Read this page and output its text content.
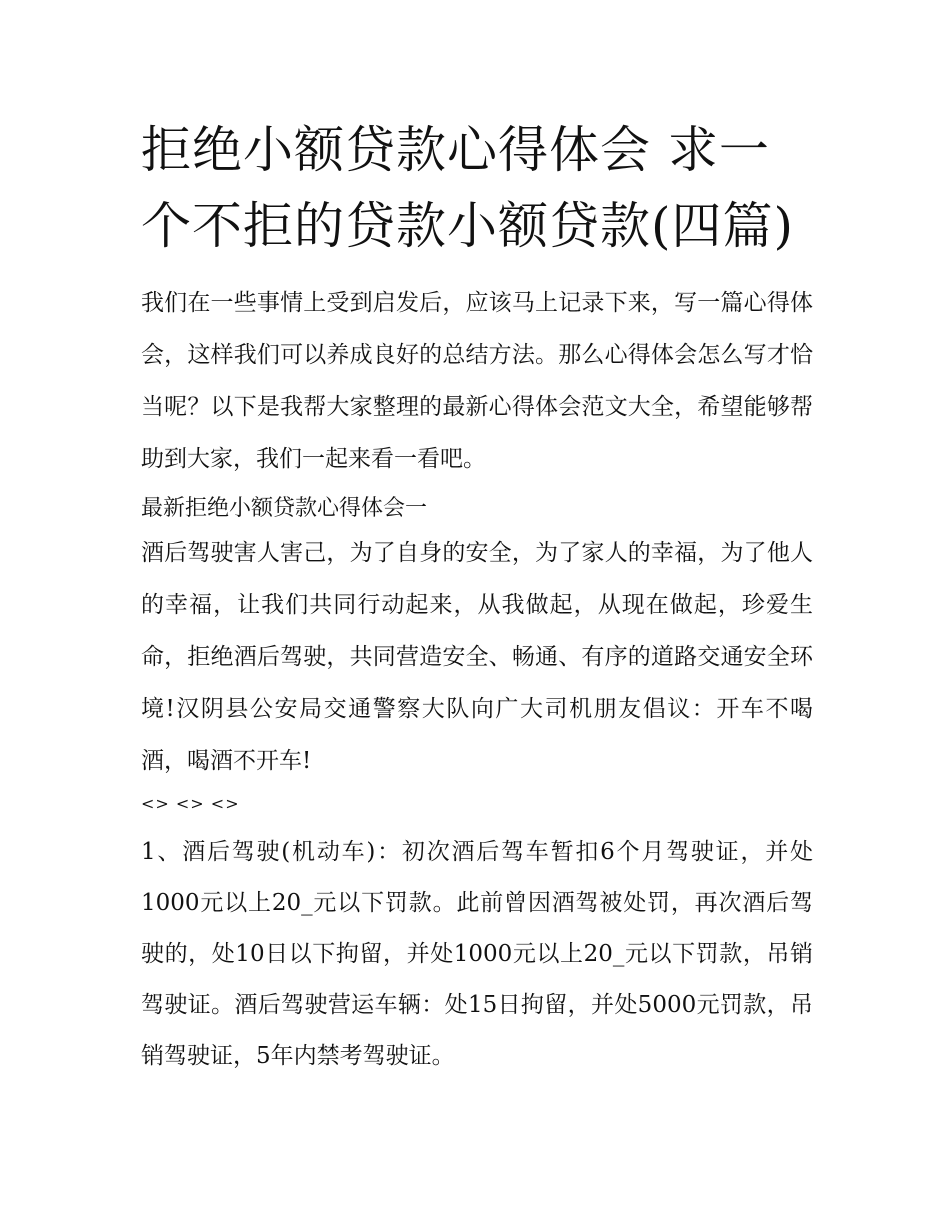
拒绝小额贷款心得体会 求一个不拒的贷款小额贷款(四篇)

我们在一些事情上受到启发后，应该马上记录下来，写一篇心得体会，这样我们可以养成良好的总结方法。那么心得体会怎么写才恰当呢？以下是我帮大家整理的最新心得体会范文大全，希望能够帮助到大家，我们一起来看一看吧。

最新拒绝小额贷款心得体会一

酒后驾驶害人害己，为了自身的安全，为了家人的幸福，为了他人的幸福，让我们共同行动起来，从我做起，从现在做起，珍爱生命，拒绝酒后驾驶，共同营造安全、畅通、有序的道路交通安全环境!汉阴县公安局交通警察大队向广大司机朋友倡议：开车不喝酒，喝酒不开车!

<> <> <>

1、酒后驾驶(机动车)：初次酒后驾车暂扣6个月驾驶证，并处1000元以上20_元以下罚款。此前曾因酒驾被处罚，再次酒后驾驶的，处10日以下拘留，并处1000元以上20_元以下罚款，吊销驾驶证。酒后驾驶营运车辆：处15日拘留，并处5000元罚款，吊销驾驶证，5年内禁考驾驶证。
